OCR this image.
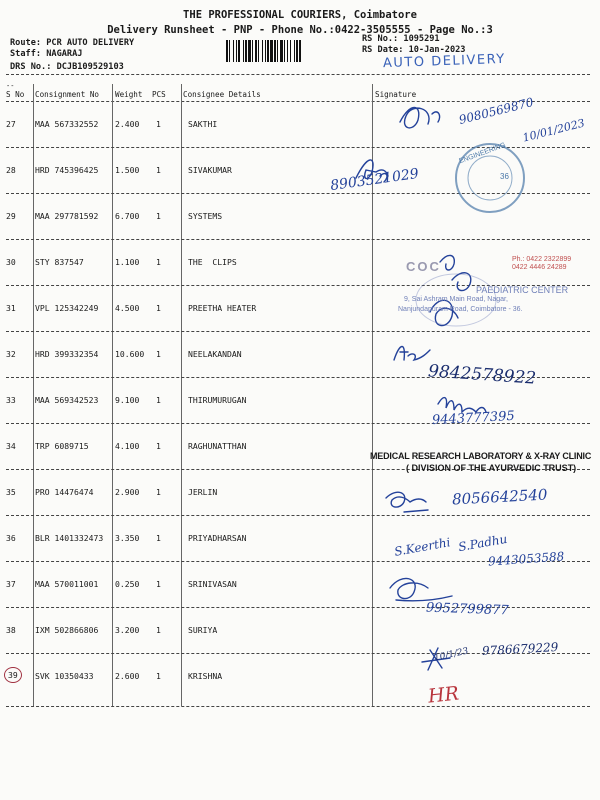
THE PROFESSIONAL COURIERS, Coimbatore
Delivery Runsheet - PNP - Phone No.:0422-3505555 - Page No.:3
Route: PCR AUTO DELIVERY
Staff: NAGARAJ
DRS No.: DCJB109529103
RS No.: 1095291
RS Date: 10-Jan-2023
AUTO DELIVERY
--
S No Consignment No Weight PCS Consignee Details	Signature
27 MAA 567332552 2.400 1	SAKTHI
28 HRD 745396425 1.500 1	SIVAKUMAR
29 MAA 297781592 6.700 1	SYSTEMS
30 STY 837547	1.100 1	THE  CLIPS
31 VPL 125342249 4.500 1	PREETHA HEATER
32 HRD 399332354 10.600 1	NEELAKANDAN
33 MAA 569342523 9.100 1	THIRUMURUGAN
34 TRP 6089715	4.100 1	RAGHUNATTHAN
35 PRO 14476474	2.900 1	JERLIN
36 BLR 1401332473 3.350 1	PRIYADHARSAN
37 MAA 570011001 0.250 1	SRINIVASAN
38 IXM 502866806 3.200 1	SURIYA
39	SVK 10350433	2.600 1	KRISHNA
9080569870
10/01/2023
8903521029
ENGINEERING
36
COC	Ph.: 0422 2322899
0422 4446 24289
PAEDIATRIC CENTER
9, Sai Ashram Main Road, Nagar,
Nanjundapuram Road, Coimbatore - 36.
9842578922
9443777395
MEDICAL RESEARCH LABORATORY & X-RAY CLINIC
( DIVISION OF THE AYURVEDIC TRUST)
8056642540
S.Keerthi S.Padhu
9443053588
9952799877
10/1/23 9786679229
HR
